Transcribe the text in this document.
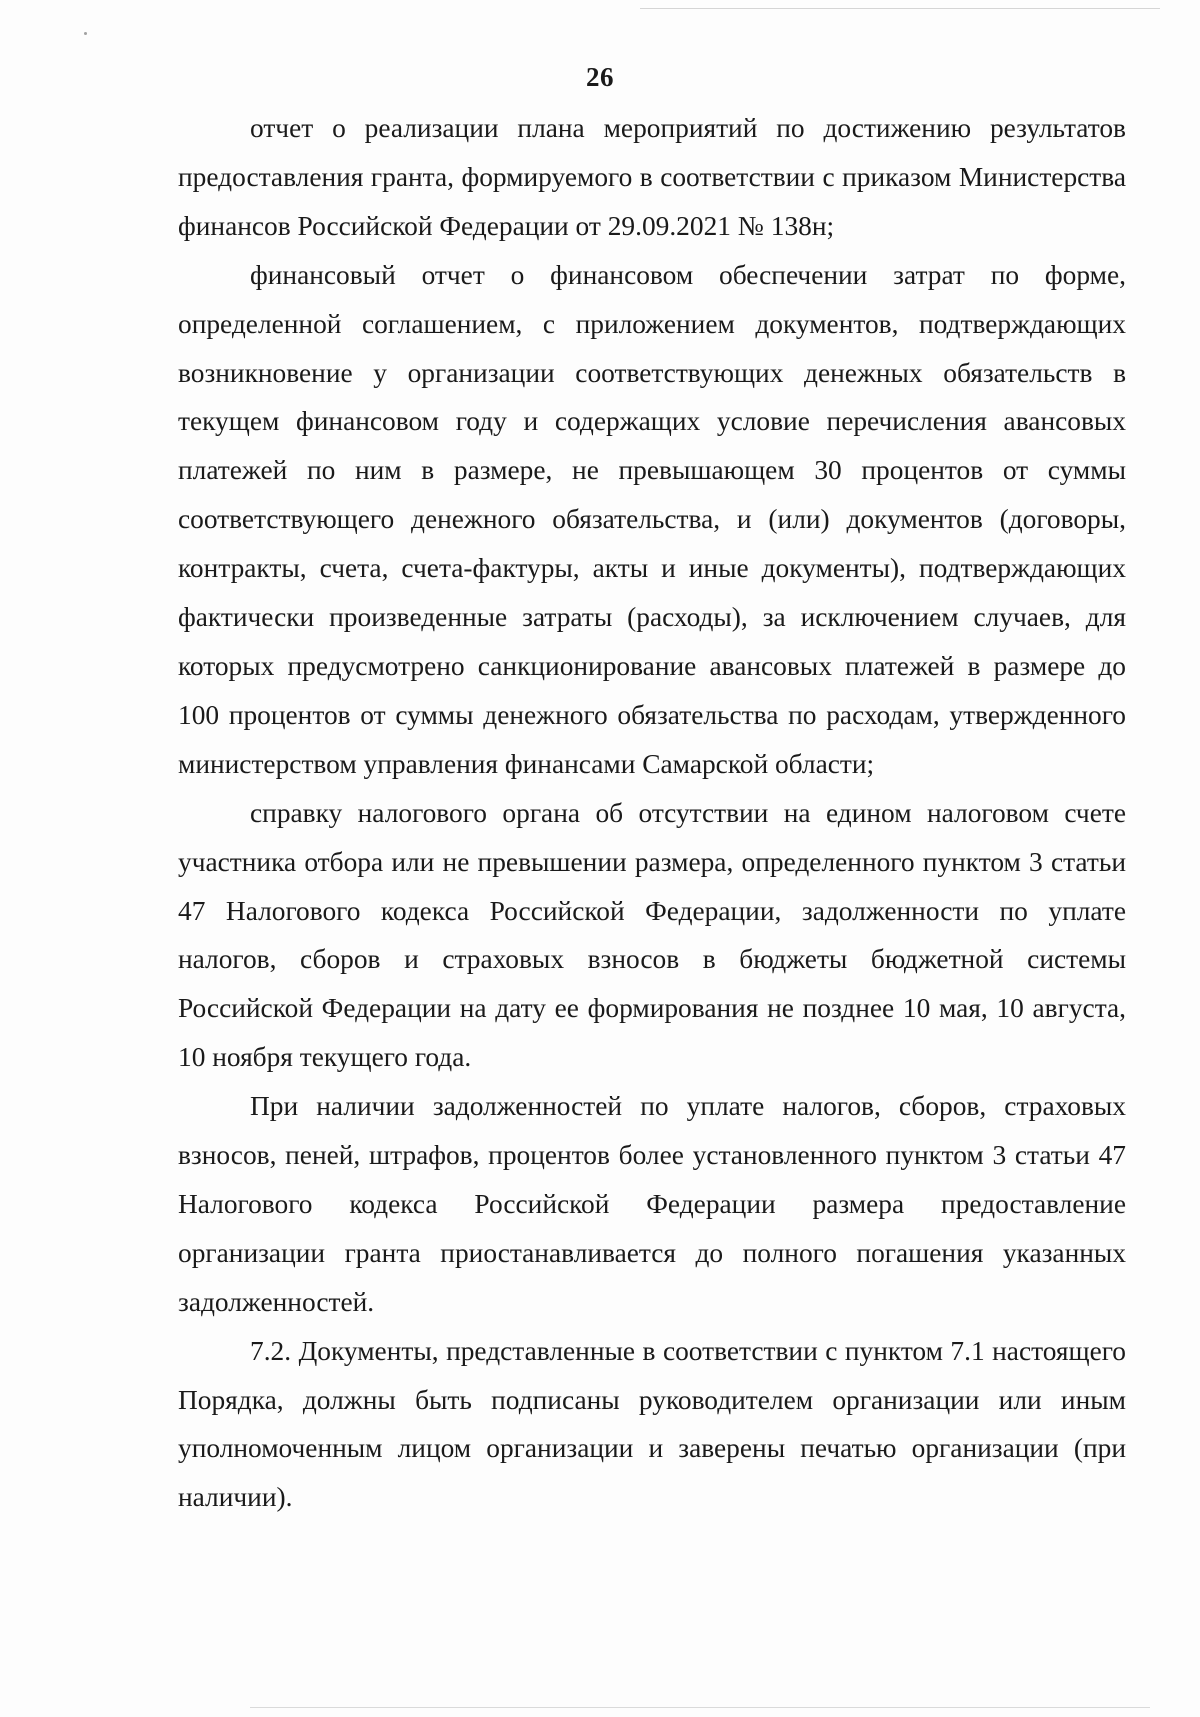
26

отчет о реализации плана мероприятий по достижению результатов предоставления гранта, формируемого в соответствии с приказом Министерства финансов Российской Федерации от 29.09.2021 № 138н;

финансовый отчет о финансовом обеспечении затрат по форме, определенной соглашением, с приложением документов, подтверждающих возникновение у организации соответствующих денежных обязательств в текущем финансовом году и содержащих условие перечисления авансовых платежей по ним в размере, не превышающем 30 процентов от суммы соответствующего денежного обязательства, и (или) документов (договоры, контракты, счета, счета-фактуры, акты и иные документы), подтверждающих фактически произведенные затраты (расходы), за исключением случаев, для которых предусмотрено санкционирование авансовых платежей в размере до 100 процентов от суммы денежного обязательства по расходам, утвержденного министерством управления финансами Самарской области;

справку налогового органа об отсутствии на едином налоговом счете участника отбора или не превышении размера, определенного пунктом 3 статьи 47 Налогового кодекса Российской Федерации, задолженности по уплате налогов, сборов и страховых взносов в бюджеты бюджетной системы Российской Федерации на дату ее формирования не позднее 10 мая, 10 августа, 10 ноября текущего года.

При наличии задолженностей по уплате налогов, сборов, страховых взносов, пеней, штрафов, процентов более установленного пунктом 3 статьи 47 Налогового кодекса Российской Федерации размера предоставление организации гранта приостанавливается до полного погашения указанных задолженностей.

7.2. Документы, представленные в соответствии с пунктом 7.1 настоящего Порядка, должны быть подписаны руководителем организации или иным уполномоченным лицом организации и заверены печатью организации (при наличии).
